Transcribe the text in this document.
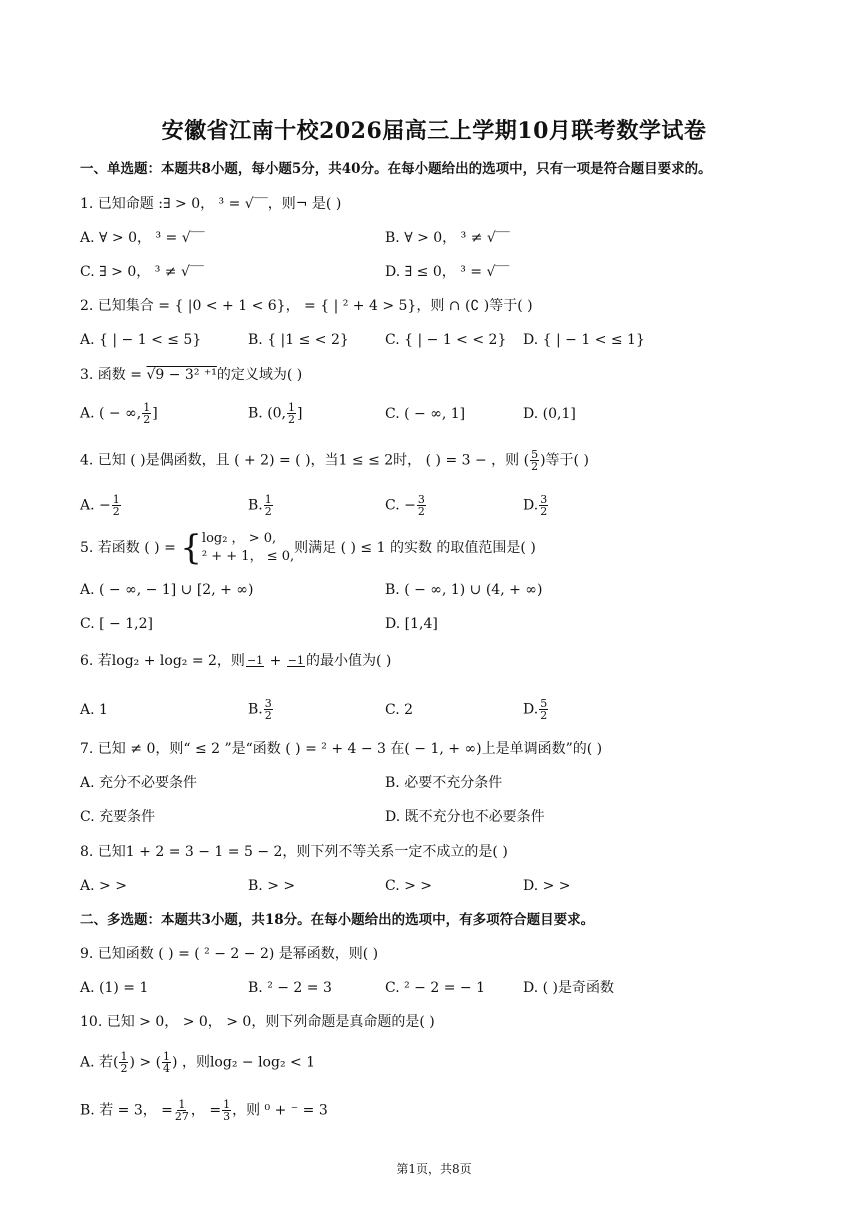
安徽省江南十校2026届高三上学期10月联考数学试卷
一、单选题：本题共8小题，每小题5分，共40分。在每小题给出的选项中，只有一项是符合题目要求的。
1. 已知命题 :∃ > 0， ³ = √‾‾，则¬ 是( )
A. ∀ > 0， ³ = √‾‾	B. ∀ > 0， ³ ≠ √‾‾
C. ∃ > 0， ³ ≠ √‾‾	D. ∃ ≤ 0， ³ = √‾‾
2. 已知集合 = { |0 < + 1 < 6}， = { | ² + 4 > 5}，则 ∩ (∁ )等于( )
A. { | − 1 < ≤ 5}	B. { |1 ≤ < 2}	C. { | − 1 < < 2} D. { | − 1 < ≤ 1}
3. 函数 = √9 − 3² ⁺¹的定义域为( )
A. ( − ∞, $\frac{1}{2}$ ]	B. (0, $\frac{1}{2}$ ]	C. ( − ∞, 1]	D. (0,1]
4. 已知 ( )是偶函数，且 ( + 2) = ( )，当1 ≤ ≤ 2时， ( ) = 3 − ，则 ( $\frac{5}{2}$ )等于( )
A. − $\frac{1}{2}$	B. $\frac{1}{2}$	C. − $\frac{3}{2}$	D. $\frac{3}{2}$
5. 若函数 ( ) = { log₂ ， > 0,
² + + 1， ≤ 0,
则满足 ( ) ≤ 1 的实数 的取值范围是( )
A. ( − ∞, − 1] ∪ [2, + ∞)	B. ( − ∞, 1) ∪ (4, + ∞)
C. [ − 1,2]	D. [1,4]
6. 若log₂ + log₂ = 2，则 −1 + −1 的最小值为( )
A. 1	B. $\frac{3}{2}$	C. 2	D. $\frac{5}{2}$
7. 已知 ≠ 0，则“ ≤ 2 ”是“函数 ( ) = ² + 4 − 3 在( − 1, + ∞)上是单调函数”的( )
A. 充分不必要条件	B. 必要不充分条件
C. 充要条件	D. 既不充分也不必要条件
8. 已知1 + 2 = 3 − 1 = 5 − 2，则下列不等关系一定不成立的是( )
A. > >	B. > >	C. > >	D. > >
二、多选题：本题共3小题，共18分。在每小题给出的选项中，有多项符合题目要求。
9. 已知函数 ( ) = ( ² − 2 − 2) 是幂函数，则( )
A. (1) = 1	B. ² − 2 = 3	C. ² − 2 = − 1	D. ( )是奇函数
10. 已知 > 0， > 0， > 0，则下列命题是真命题的是( )
A. 若( $\frac{1}{2}$ ) > ( $\frac{1}{4}$ ) ，则log₂ − log₂ < 1
B. 若 = 3， = $\frac{1}{27}$ ， = $\frac{1}{3}$ ，则 ⁰ + ⁻ = 3
第1页，共8页
